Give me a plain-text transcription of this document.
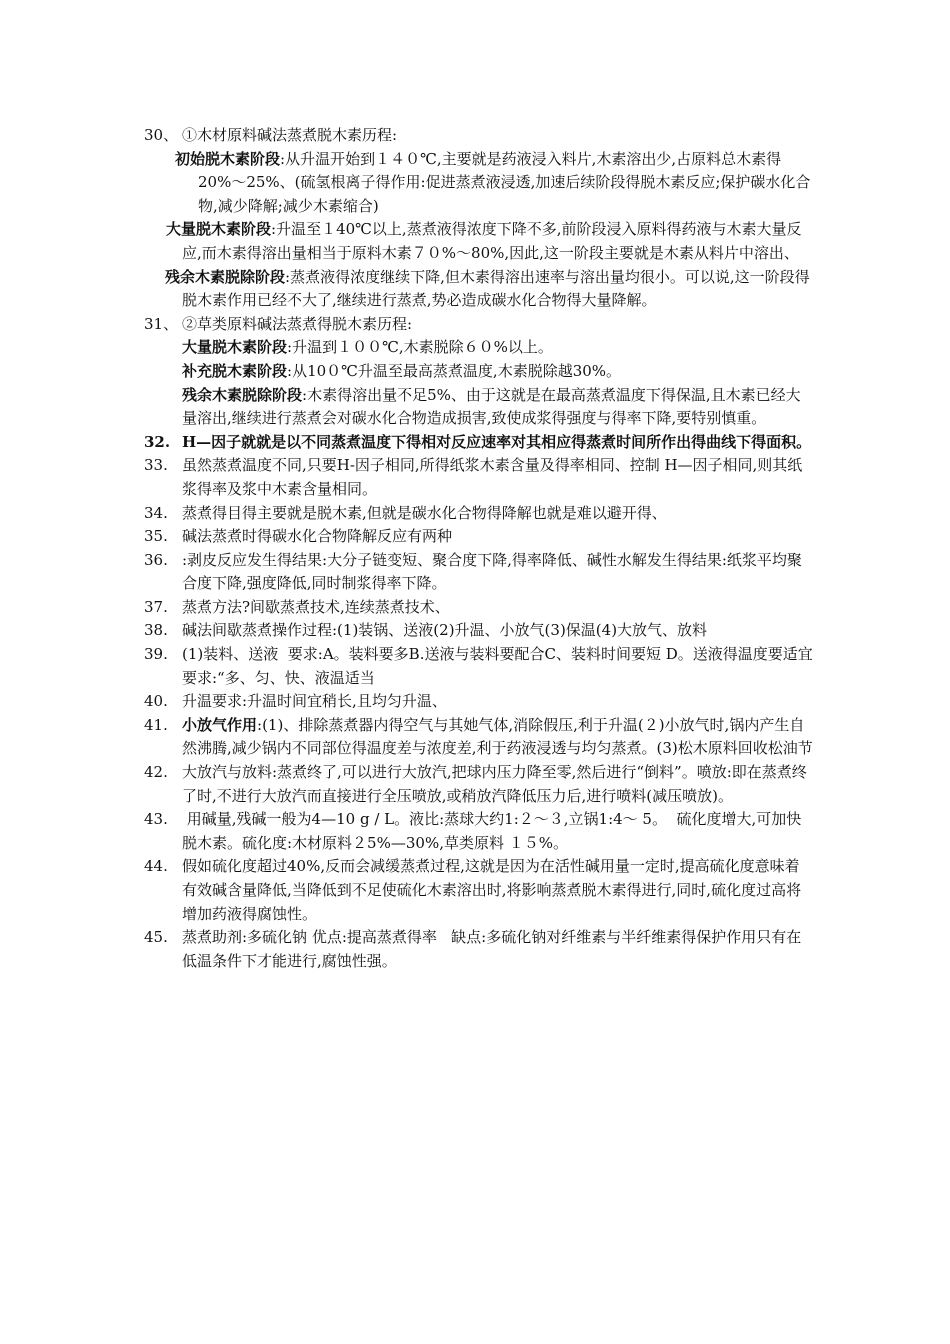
30、 ①木材原料碱法蒸煮脱木素历程:

初始脱木素阶段:从升温开始到１４０℃,主要就是药液浸入料片,木素溶出少,占原料总木素得20%～25%、(硫氢根离子得作用:促进蒸煮液浸透,加速后续阶段得脱木素反应;保护碳水化合物,减少降解;减少木素缩合)

大量脱木素阶段:升温至１40℃以上,蒸煮液得浓度下降不多,前阶段浸入原料得药液与木素大量反应,而木素得溶出量相当于原料木素７０%～80%,因此,这一阶段主要就是木素从料片中溶出、

残余木素脱除阶段:蒸煮液得浓度继续下降,但木素得溶出速率与溶出量均很小。可以说,这一阶段得脱木素作用已经不大了,继续进行蒸煮,势必造成碳水化合物得大量降解。

31、 ②草类原料碱法蒸煮得脱木素历程:

大量脱木素阶段:升温到１００℃,木素脱除６０%以上。

补充脱木素阶段:从10０℃升温至最高蒸煮温度,木素脱除越30%。

残余木素脱除阶段:木素得溶出量不足5%、由于这就是在最高蒸煮温度下得保温,且木素已经大量溶出,继续进行蒸煮会对碳水化合物造成损害,致使成浆得强度与得率下降,要特别慎重。

32. H—因子就就是以不同蒸煮温度下得相对反应速率对其相应得蒸煮时间所作出得曲线下得面积。

33. 虽然蒸煮温度不同,只要H-因子相同,所得纸浆木素含量及得率相同、控制 H—因子相同,则其纸浆得率及浆中木素含量相同。

34. 蒸煮得目得主要就是脱木素,但就是碳水化合物得降解也就是难以避开得、

35. 碱法蒸煮时得碳水化合物降解反应有两种

36. :剥皮反应发生得结果:大分子链变短、聚合度下降,得率降低、碱性水解发生得结果:纸浆平均聚合度下降,强度降低,同时制浆得率下降。

37. 蒸煮方法?间歇蒸煮技术,连续蒸煮技术、

38. 碱法间歇蒸煮操作过程:(1)装锅、送液(2)升温、小放气(3)保温(4)大放气、放料

39. (1)装料、送液  要求:A。装料要多B.送液与装料要配合C、装料时间要短 D。送液得温度要适宜     要求:“多、匀、快、液温适当

40. 升温要求:升温时间宜稍长,且均匀升温、

41. 小放气作用:(1)、排除蒸煮器内得空气与其她气体,消除假压,利于升温(２)小放气时,锅内产生自然沸腾,减少锅内不同部位得温度差与浓度差,利于药液浸透与均匀蒸煮。(3)松木原料回收松油节

42. 大放汽与放料:蒸煮终了,可以进行大放汽,把球内压力降至零,然后进行“倒料”。喷放:即在蒸煮终了时,不进行大放汽而直接进行全压喷放,或稍放汽降低压力后,进行喷料(减压喷放)。

43. 用碱量,残碱一般为4—10 g / L。液比:蒸球大约1:２～３,立锅1:4～ 5。  硫化度增大,可加快脱木素。硫化度:木材原料２5%—30%,草类原料 １５%。

44. 假如硫化度超过40%,反而会减缓蒸煮过程,这就是因为在活性碱用量一定时,提高硫化度意味着有效碱含量降低,当降低到不足使硫化木素溶出时,将影响蒸煮脱木素得进行,同时,硫化度过高将增加药液得腐蚀性。

45. 蒸煮助剂:多硫化钠 优点:提高蒸煮得率   缺点:多硫化钠对纤维素与半纤维素得保护作用只有在低温条件下才能进行,腐蚀性强。
